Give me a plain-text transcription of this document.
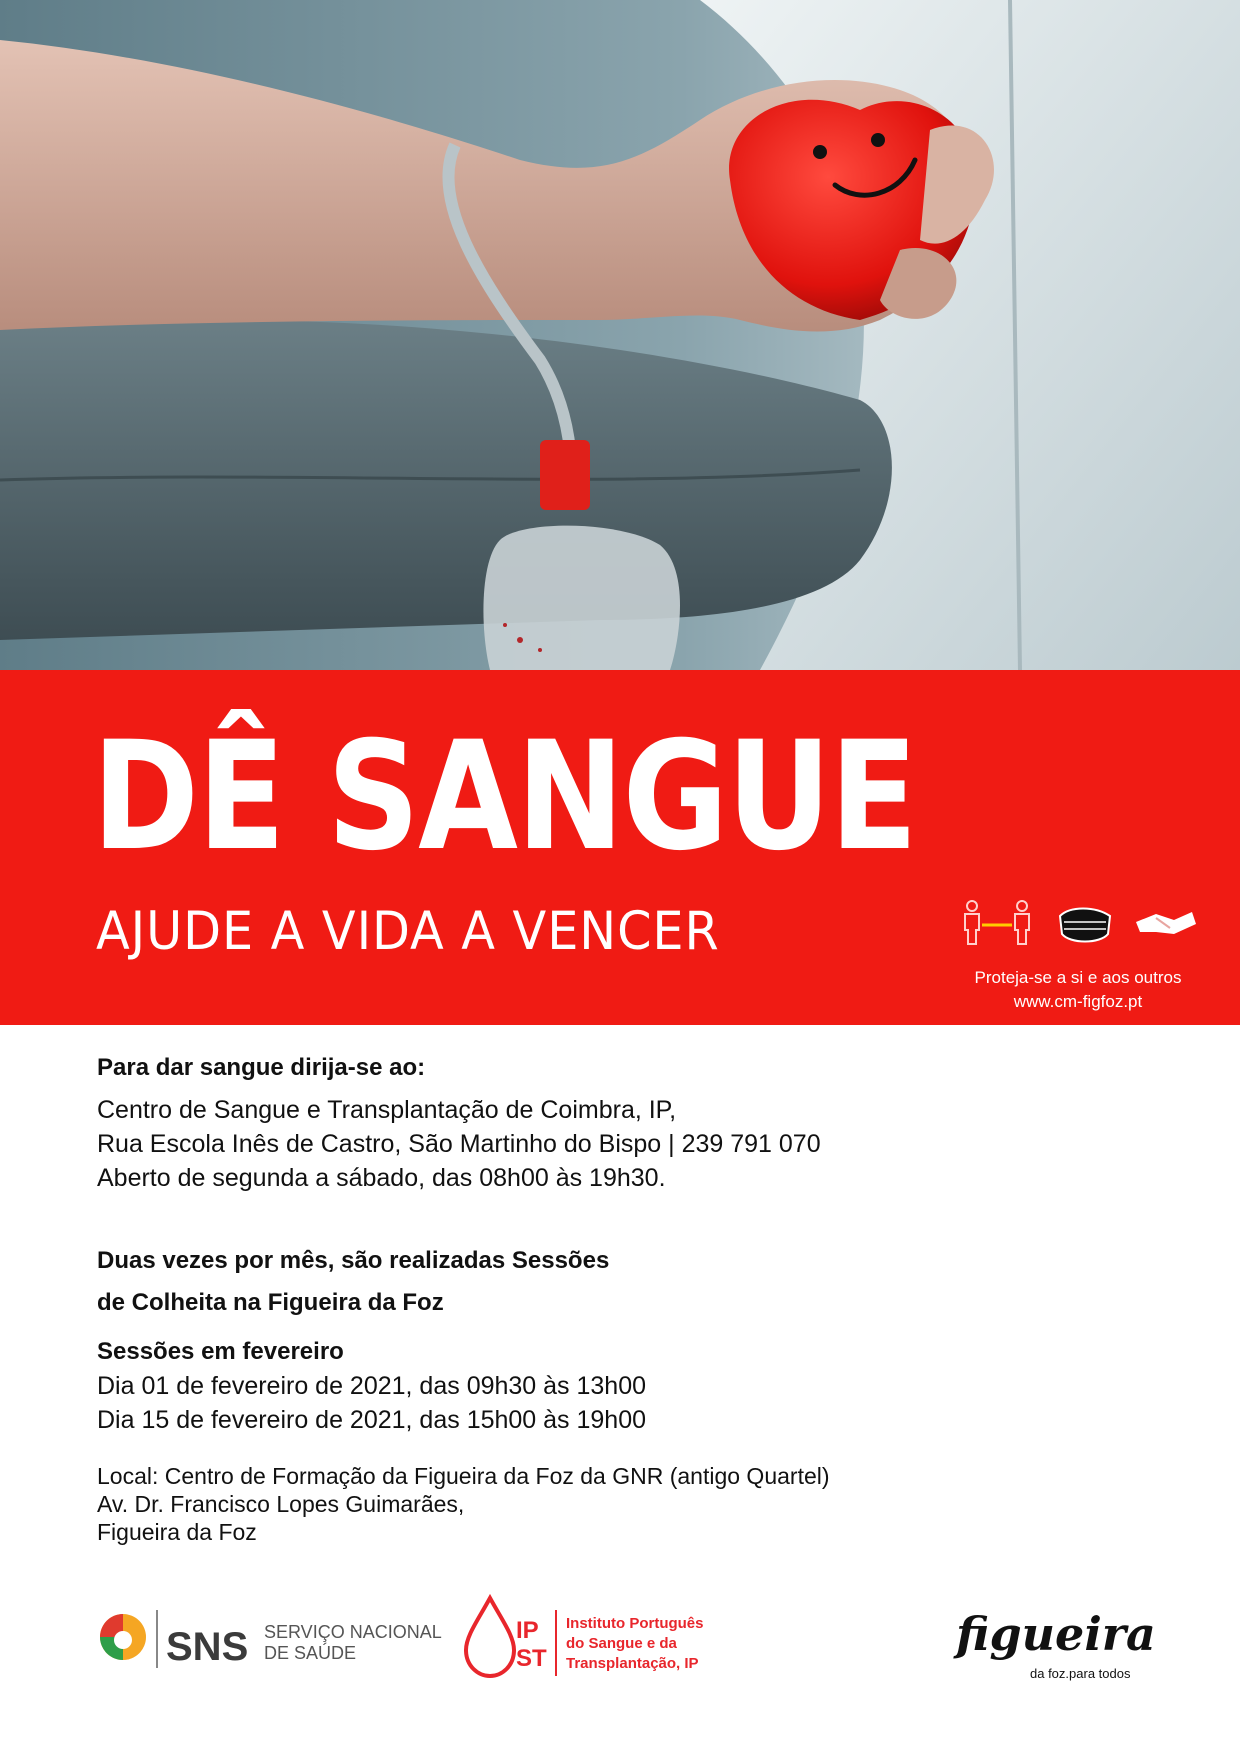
DÊ SANGUE
AJUDE A VIDA A VENCER
Proteja-se a si e aos outros
www.cm-figfoz.pt
Para dar sangue dirija-se ao:
Centro de Sangue e Transplantação de Coimbra, IP,
Rua Escola Inês de Castro, São Martinho do Bispo | 239 791 070
Aberto de segunda a sábado, das 08h00 às 19h30.
Duas vezes por mês, são realizadas Sessões
de Colheita na Figueira da Foz
Sessões em fevereiro
Dia 01 de fevereiro de 2021, das 09h30 às 13h00
Dia 15 de fevereiro de 2021, das 15h00 às 19h00
Local: Centro de Formação da Figueira da Foz da GNR (antigo Quartel)
Av. Dr. Francisco Lopes Guimarães,
Figueira da Foz
SNS SERVIÇO NACIONAL
DE SAÚDE
IP
ST
Instituto Português
do Sangue e da
Transplantação, IP
figueira
da foz.para todos
